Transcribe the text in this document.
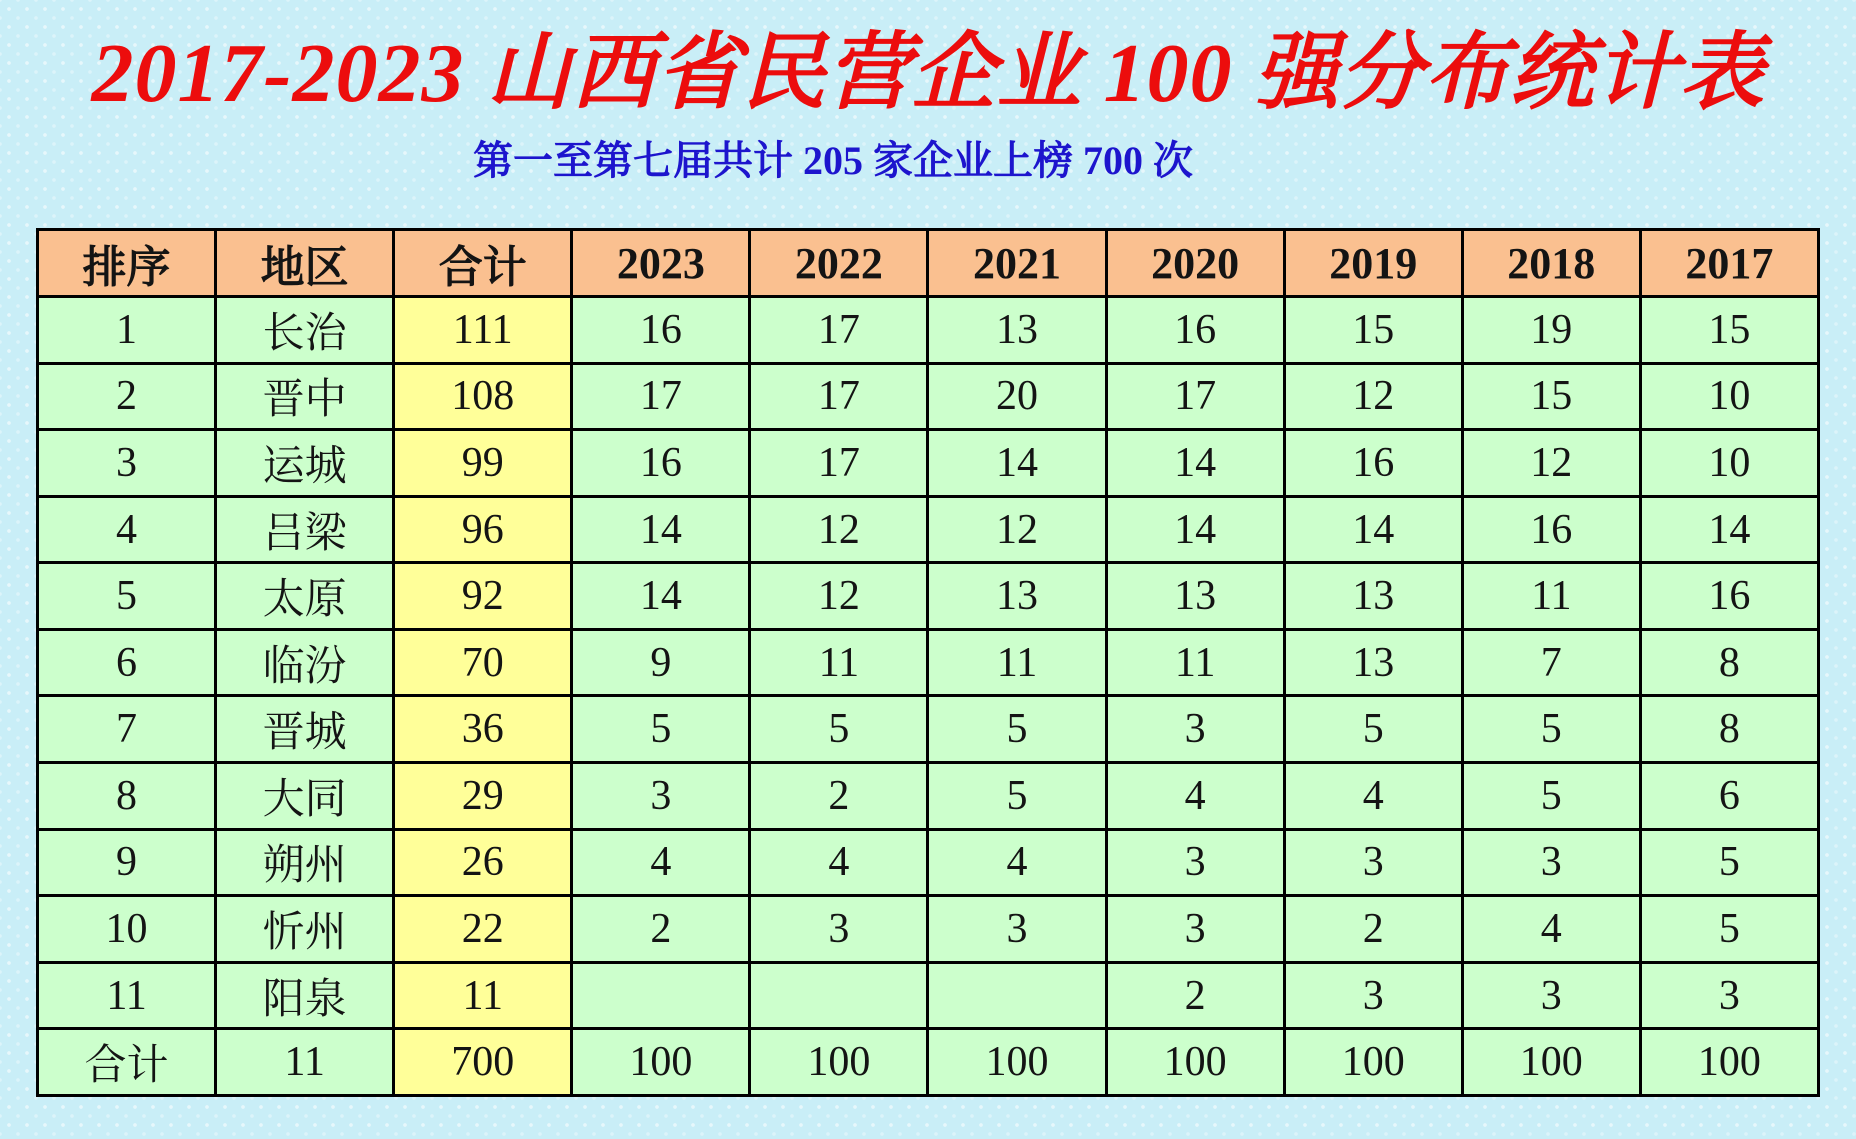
2017-2023 山西省民营企业 100 强分布统计表

第一至第七届共计 205 家企业上榜 700 次

排序	地区	合计	2023	2022	2021	2020	2019	2018	2017
1	长治	111	16	17	13	16	15	19	15
2	晋中	108	17	17	20	17	12	15	10
3	运城	99	16	17	14	14	16	12	10
4	吕梁	96	14	12	12	14	14	16	14
5	太原	92	14	12	13	13	13	11	16
6	临汾	70	9	11	11	11	13	7	8
7	晋城	36	5	5	5	3	5	5	8
8	大同	29	3	2	5	4	4	5	6
9	朔州	26	4	4	4	3	3	3	5
10	忻州	22	2	3	3	3	2	4	5
11	阳泉	11				2	3	3	3
合计	11	700	100	100	100	100	100	100	100
